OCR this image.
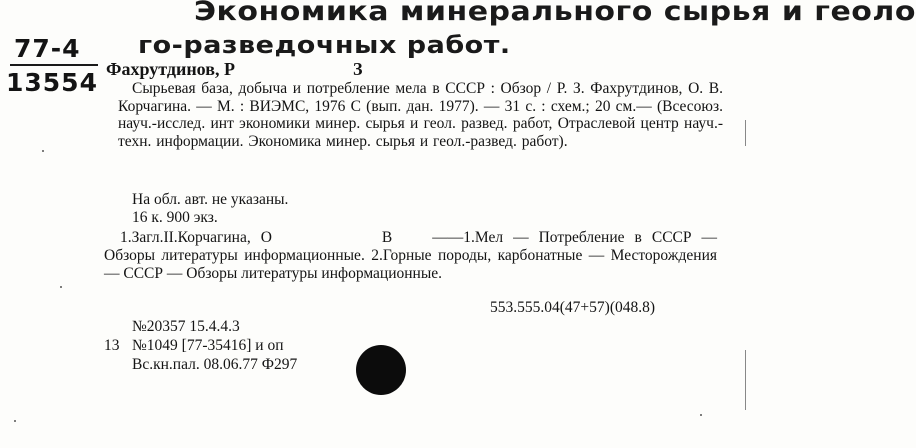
Экономика минерального сырья и геоло
го-разведочных работ.
77-4
13554 Фахрутдинов, Р	З
Сырьевая база, добыча и потребление мела в СССР : Обзор / Р. З. Фахрутдинов, О. В. Корчагина. — М. : ВИЭМС, 1976 С (вып. дан. 1977). — 31 с. : схем.; 20 см.— (Всесоюз. науч.-исслед. инт экономики минер. сырья и геол. развед. работ, Отраслевой центр науч.-техн. информации. Экономика минер. сырья и геол.-развед. работ).
На обл. авт. не указаны.
16 к. 900 экз.
1.Загл.II.Корчагина, О	В	——1.Мел — Потребление в СССР — Обзоры литературы информационные. 2.Горные породы, карбонатные — Месторождения — СССР — Обзоры литературы информационные.
553.555.04(47+57)(048.8)
№20357 15.4.4.3
13 №1049 [77-35416] и оп
Вс.кн.пал. 08.06.77 Ф297
